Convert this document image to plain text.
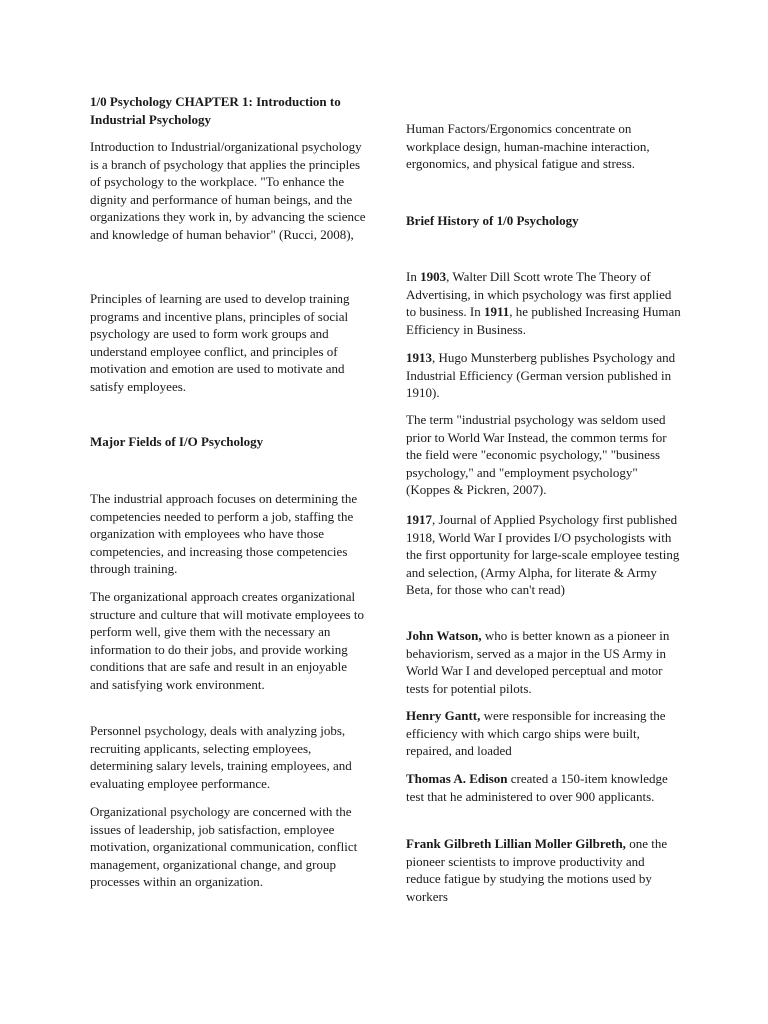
1/0 Psychology CHAPTER 1: Introduction to Industrial Psychology

Introduction to Industrial/organizational psychology is a branch of psychology that applies the principles of psychology to the workplace. "To enhance the dignity and performance of human beings, and the organizations they work in, by advancing the science and knowledge of human behavior" (Rucci, 2008),

Principles of learning are used to develop training programs and incentive plans, principles of social psychology are used to form work groups and understand employee conflict, and principles of motivation and emotion are used to motivate and satisfy employees.

Major Fields of I/O Psychology

The industrial approach focuses on determining the competencies needed to perform a job, staffing the organization with employees who have those competencies, and increasing those competencies through training.

The organizational approach creates organizational structure and culture that will motivate employees to perform well, give them with the necessary an information to do their jobs, and provide working conditions that are safe and result in an enjoyable and satisfying work environment.

Personnel psychology, deals with analyzing jobs, recruiting applicants, selecting employees, determining salary levels, training employees, and evaluating employee performance.

Organizational psychology are concerned with the issues of leadership, job satisfaction, employee motivation, organizational communication, conflict management, organizational change, and group processes within an organization.

Human Factors/Ergonomics concentrate on workplace design, human-machine interaction, ergonomics, and physical fatigue and stress.

Brief History of 1/0 Psychology

In 1903, Walter Dill Scott wrote The Theory of Advertising, in which psychology was first applied to business. In 1911, he published Increasing Human Efficiency in Business.

1913, Hugo Munsterberg publishes Psychology and Industrial Efficiency (German version published in 1910).

The term "industrial psychology was seldom used prior to World War Instead, the common terms for the field were "economic psychology," "business psychology," and "employment psychology" (Koppes & Pickren, 2007).

1917, Journal of Applied Psychology first published 1918, World War I provides I/O psychologists with the first opportunity for large-scale employee testing and selection, (Army Alpha, for literate & Army Beta, for those who can't read)

John Watson, who is better known as a pioneer in behaviorism, served as a major in the US Army in World War I and developed perceptual and motor tests for potential pilots.

Henry Gantt, were responsible for increasing the efficiency with which cargo ships were built, repaired, and loaded

Thomas A. Edison created a 150-item knowledge test that he administered to over 900 applicants.

Frank Gilbreth Lillian Moller Gilbreth, one the pioneer scientists to improve productivity and reduce fatigue by studying the motions used by workers
